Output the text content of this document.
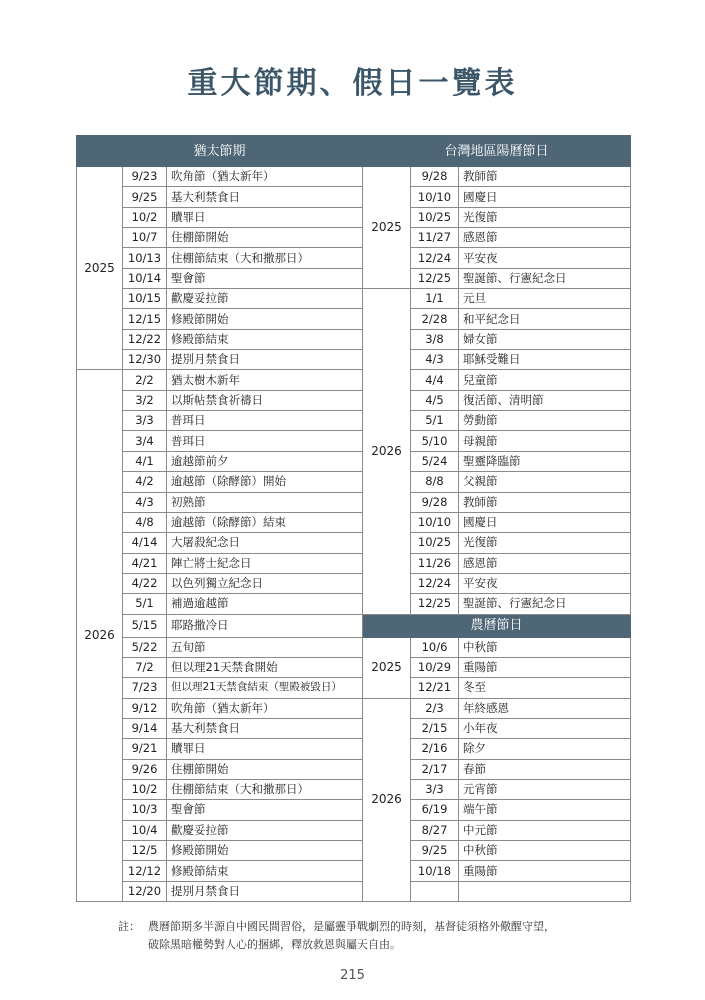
重大節期、假日一覽表
猶太節期			台灣地區陽曆節日		
2025	9/23	吹角節（猶太新年）	2025	9/28	教師節
	9/25	基大利禁食日		10/10	國慶日
	10/2	贖罪日		10/25	光復節
	10/7	住棚節開始		11/27	感恩節
	10/13	住棚節結束（大和撒那日）		12/24	平安夜
	10/14	聖會節		12/25	聖誕節、行憲紀念日
	10/15	歡慶妥拉節	2026	1/1	元旦
	12/15	修殿節開始		2/28	和平紀念日
	12/22	修殿節結束		3/8	婦女節
	12/30	提別月禁食日		4/3	耶穌受難日
2026	2/2	猶太樹木新年		4/4	兒童節
	3/2	以斯帖禁食祈禱日		4/5	復活節、清明節
	3/3	普珥日		5/1	勞動節
	3/4	普珥日		5/10	母親節
	4/1	逾越節前夕		5/24	聖靈降臨節
	4/2	逾越節（除酵節）開始		8/8	父親節
	4/3	初熟節		9/28	教師節
	4/8	逾越節（除酵節）結束		10/10	國慶日
	4/14	大屠殺紀念日		10/25	光復節
	4/21	陣亡將士紀念日		11/26	感恩節
	4/22	以色列獨立紀念日		12/24	平安夜
	5/1	補過逾越節		12/25	聖誕節、行憲紀念日
	5/15	耶路撒冷日	農曆節日		
	5/22	五旬節	2025	10/6	中秋節
	7/2	但以理21天禁食開始		10/29	重陽節
	7/23	但以理21天禁食結束（聖殿被毀日）		12/21	冬至
	9/12	吹角節（猶太新年）	2026	2/3	年終感恩
	9/14	基大利禁食日		2/15	小年夜
	9/21	贖罪日		2/16	除夕
	9/26	住棚節開始		2/17	春節
	10/2	住棚節結束（大和撒那日）		3/3	元宵節
	10/3	聖會節		6/19	端午節
	10/4	歡慶妥拉節		8/27	中元節
	12/5	修殿節開始		9/25	中秋節
	12/12	修殿節結束		10/18	重陽節
	12/20	提別月禁食日			
註： 農曆節期多半源自中國民間習俗，是屬靈爭戰劇烈的時刻，基督徒須格外儆醒守望，
破除黑暗權勢對人心的捆綁，釋放救恩與屬天自由。
215
